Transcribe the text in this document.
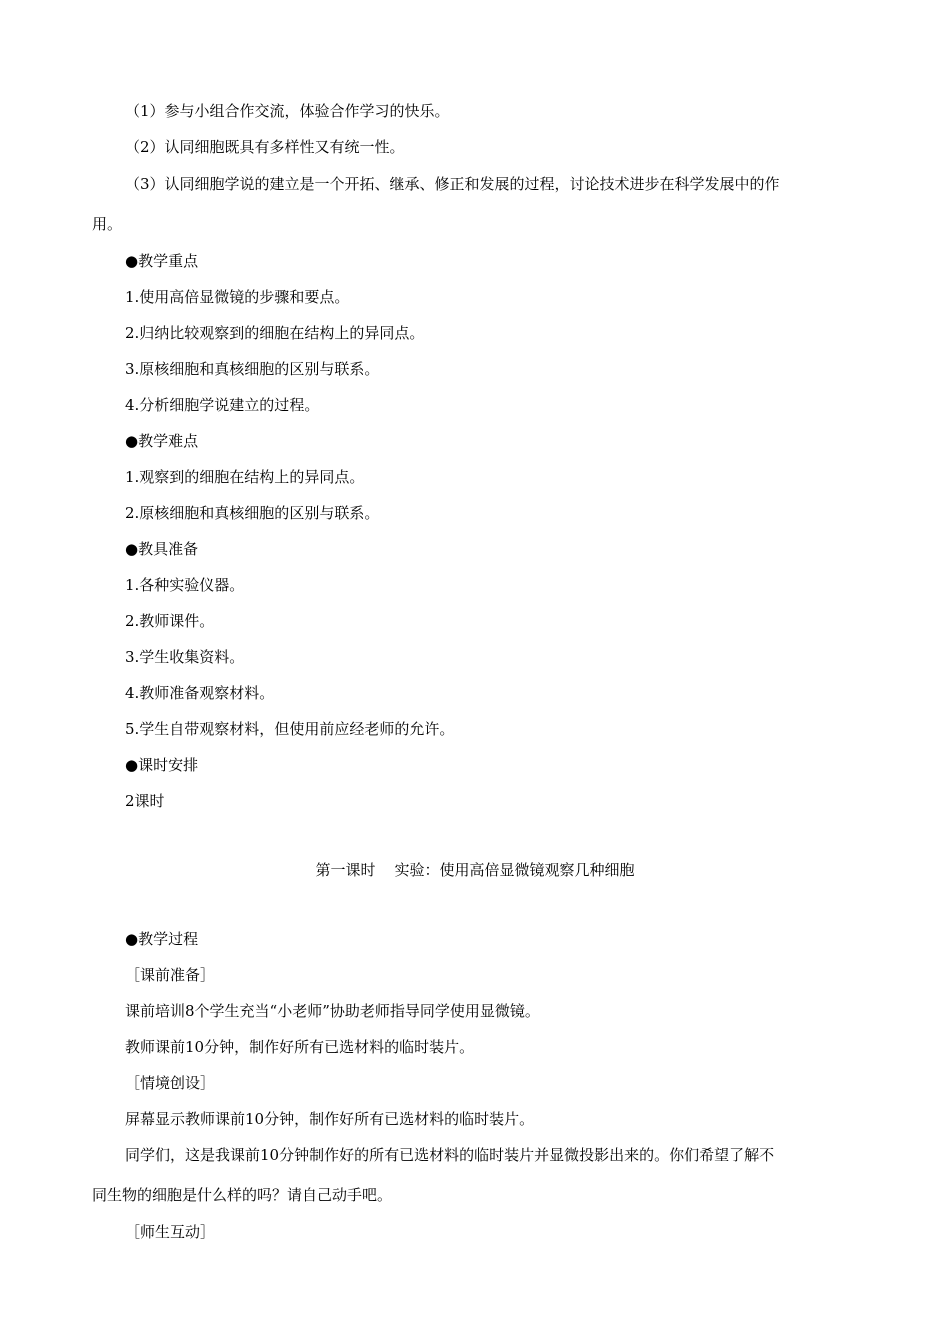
（1）参与小组合作交流，体验合作学习的快乐。
（2）认同细胞既具有多样性又有统一性。
（3）认同细胞学说的建立是一个开拓、继承、修正和发展的过程，讨论技术进步在科学发展中的作
用。
●教学重点
1.使用高倍显微镜的步骤和要点。
2.归纳比较观察到的细胞在结构上的异同点。
3.原核细胞和真核细胞的区别与联系。
4.分析细胞学说建立的过程。
●教学难点
1.观察到的细胞在结构上的异同点。
2.原核细胞和真核细胞的区别与联系。
●教具准备
1.各种实验仪器。
2.教师课件。
3.学生收集资料。
4.教师准备观察材料。
5.学生自带观察材料，但使用前应经老师的允许。
●课时安排
2课时
第一课时    实验：使用高倍显微镜观察几种细胞
●教学过程
［课前准备］
课前培训8个学生充当“小老师”协助老师指导同学使用显微镜。
教师课前10分钟，制作好所有已选材料的临时装片。
［情境创设］
屏幕显示教师课前10分钟，制作好所有已选材料的临时装片。
同学们，这是我课前10分钟制作好的所有已选材料的临时装片并显微投影出来的。你们希望了解不
同生物的细胞是什么样的吗？请自己动手吧。
［师生互动］
